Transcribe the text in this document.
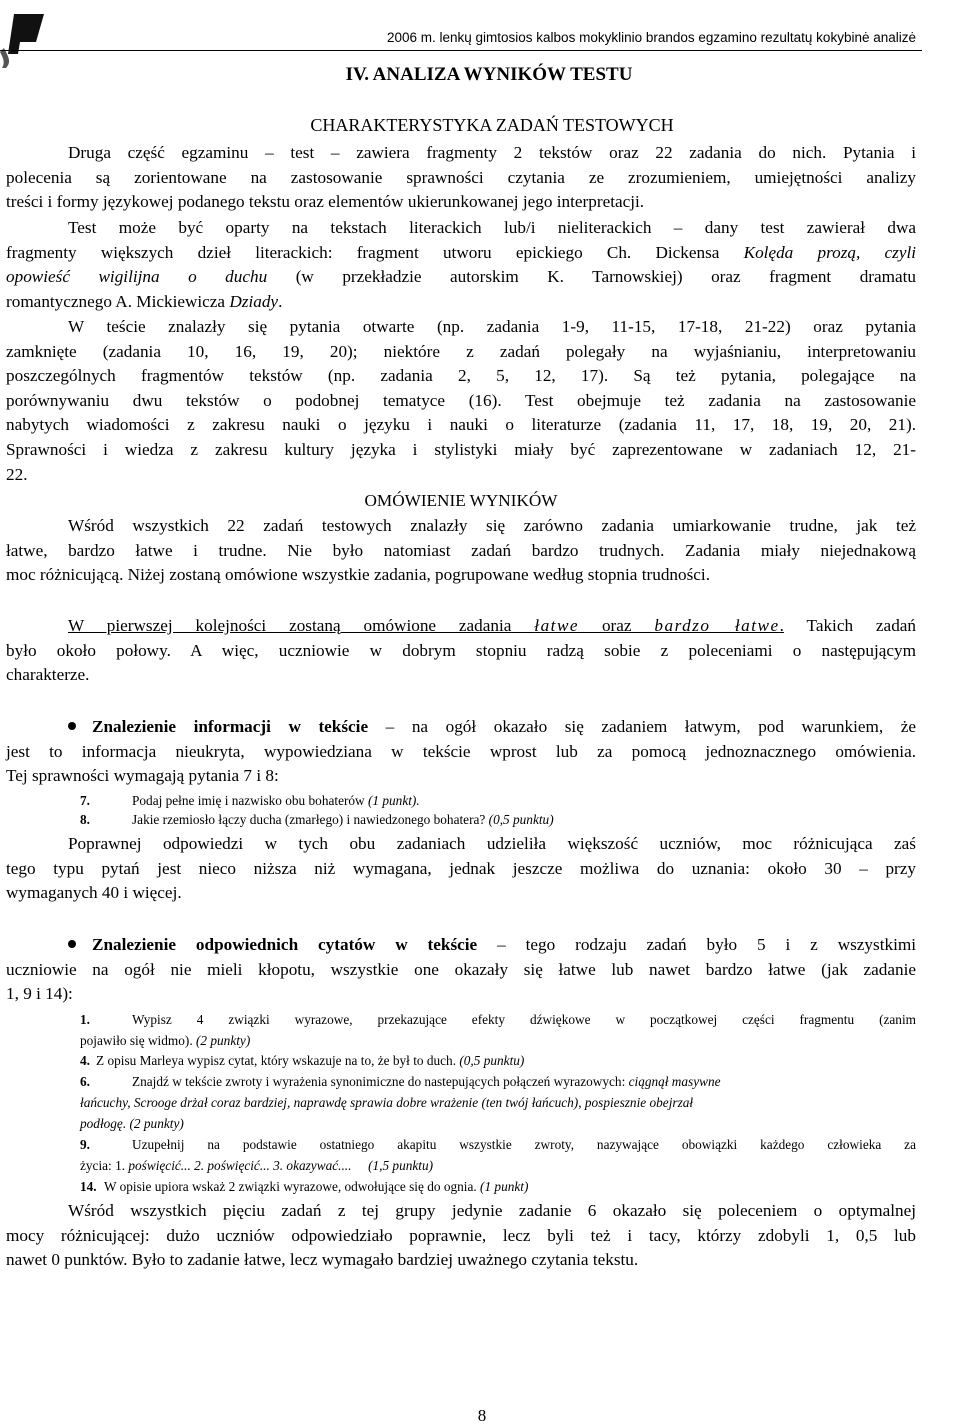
2006 m. lenkų gimtosios kalbos mokyklinio brandos egzamino rezultatų kokybinė analizė
IV. ANALIZA WYNIKÓW TESTU
CHARAKTERYSTYKA ZADAŃ TESTOWYCH
Druga część egzaminu – test – zawiera fragmenty 2 tekstów oraz 22 zadania do nich. Pytania i
polecenia są zorientowane na zastosowanie sprawności czytania ze zrozumieniem, umiejętności analizy
treści i formy językowej podanego tekstu oraz elementów ukierunkowanej jego interpretacji.
Test może być oparty na tekstach literackich lub/i nieliterackich – dany test zawierał dwa
fragmenty większych dzieł literackich: fragment utworu epickiego Ch. Dickensa Kolęda prozą, czyli
opowieść wigilijna o duchu (w przekładzie autorskim K. Tarnowskiej) oraz fragment dramatu
romantycznego A. Mickiewicza Dziady.
W teście znalazły się pytania otwarte (np. zadania 1-9, 11-15, 17-18, 21-22) oraz pytania
zamknięte (zadania 10, 16, 19, 20); niektóre z zadań polegały na wyjaśnianiu, interpretowaniu
poszczególnych fragmentów tekstów (np. zadania 2, 5, 12, 17). Są też pytania, polegające na
porównywaniu dwu tekstów o podobnej tematyce (16). Test obejmuje też zadania na zastosowanie
nabytych wiadomości z zakresu nauki o języku i nauki o literaturze (zadania 11, 17, 18, 19, 20, 21).
Sprawności i wiedza z zakresu kultury języka i stylistyki miały być zaprezentowane w zadaniach 12, 21-
22.
OMÓWIENIE WYNIKÓW
Wśród wszystkich 22 zadań testowych znalazły się zarówno zadania umiarkowanie trudne, jak też
łatwe, bardzo łatwe i trudne. Nie było natomiast zadań bardzo trudnych. Zadania miały niejednakową
moc różnicującą. Niżej zostaną omówione wszystkie zadania, pogrupowane według stopnia trudności.
W pierwszej kolejności zostaną omówione zadania łatwe oraz bardzo łatwe. Takich zadań
było około połowy. A więc, uczniowie w dobrym stopniu radzą sobie z poleceniami o następującym
charakterze.
Znalezienie informacji w tekście – na ogół okazało się zadaniem łatwym, pod warunkiem, że
jest to informacja nieukryta, wypowiedziana w tekście wprost lub za pomocą jednoznacznego omówienia.
Tej sprawności wymagają pytania 7 i 8:
7.	Podaj pełne imię i nazwisko obu bohaterów (1 punkt).
8.	Jakie rzemiosło łączy ducha (zmarłego) i nawiedzonego bohatera? (0,5 punktu)
Poprawnej odpowiedzi w tych obu zadaniach udzieliła większość uczniów, moc różnicująca zaś
tego typu pytań jest nieco niższa niż wymagana, jednak jeszcze możliwa do uznania: około 30 – przy
wymaganych 40 i więcej.
Znalezienie odpowiednich cytatów w tekście – tego rodzaju zadań było 5 i z wszystkimi
uczniowie na ogół nie mieli kłopotu, wszystkie one okazały się łatwe lub nawet bardzo łatwe (jak zadanie
1, 9 i 14):
1.	Wypisz 4 związki wyrazowe, przekazujące efekty dźwiękowe w początkowej części fragmentu (zanim
pojawiło się widmo). (2 punkty)
4. Z opisu Marleya wypisz cytat, który wskazuje na to, że był to duch. (0,5 punktu)
6.	Znajdź w tekście zwroty i wyrażenia synonimiczne do nastepujących połączeń wyrazowych: ciągnął masywne
łańcuchy, Scrooge drżał coraz bardziej, naprawdę sprawia dobre wrażenie (ten twój łańcuch), pospiesznie obejrzał
podłogę. (2 punkty)
9.	Uzupełnij na podstawie ostatniego akapitu wszystkie zwroty, nazywające obowiązki każdego człowieka za
życia: 1. poświęcić... 2. poświęcić... 3. okazywać.... (1,5 punktu)
14. W opisie upiora wskaż 2 związki wyrazowe, odwołujące się do ognia. (1 punkt)
Wśród wszystkich pięciu zadań z tej grupy jedynie zadanie 6 okazało się poleceniem o optymalnej
mocy różnicującej: dużo uczniów odpowiedziało poprawnie, lecz byli też i tacy, którzy zdobyli 1, 0,5 lub
nawet 0 punktów. Było to zadanie łatwe, lecz wymagało bardziej uważnego czytania tekstu.
8
